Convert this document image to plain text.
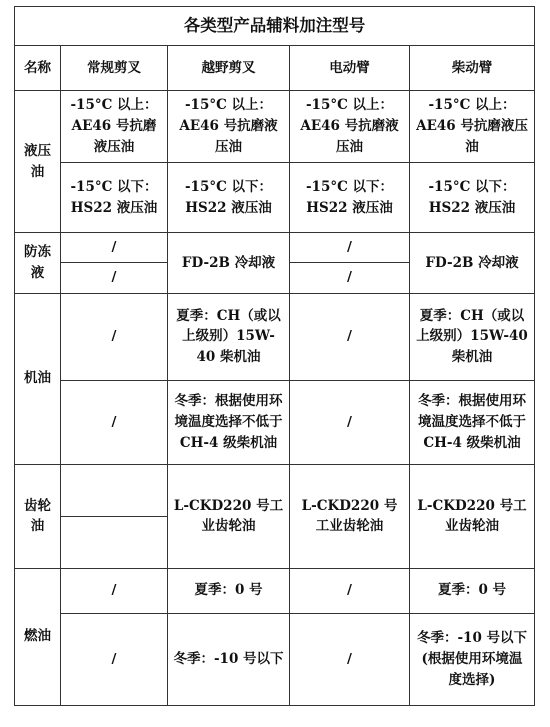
各类型产品辅料加注型号				
名称	常规剪叉	越野剪叉	电动臂	柴动臂
液压油	-15°C 以上：AE46 号抗磨液压油	-15°C 以上：AE46 号抗磨液压油	-15°C 以上：AE46 号抗磨液压油	-15°C 以上：AE46 号抗磨液压油
	-15°C 以下：HS22 液压油	-15°C 以下：HS22 液压油	-15°C 以下：HS22 液压油	-15°C 以下：HS22 液压油
防冻液	/	FD-2B 冷却液	/	FD-2B 冷却液
	/		/	
机油	/	夏季：CH（或以上级别）15W-40 柴机油	/	夏季：CH（或以上级别）15W-40 柴机油
	/	冬季：根据使用环境温度选择不低于 CH-4 级柴机油	/	冬季：根据使用环境温度选择不低于 CH-4 级柴机油
齿轮油		L-CKD220 号工业齿轮油	L-CKD220 号工业齿轮油	L-CKD220 号工业齿轮油

燃油	/	夏季：0 号	/	夏季：0 号
	/	冬季：-10 号以下	/	冬季：-10 号以下(根据使用环境温度选择)
